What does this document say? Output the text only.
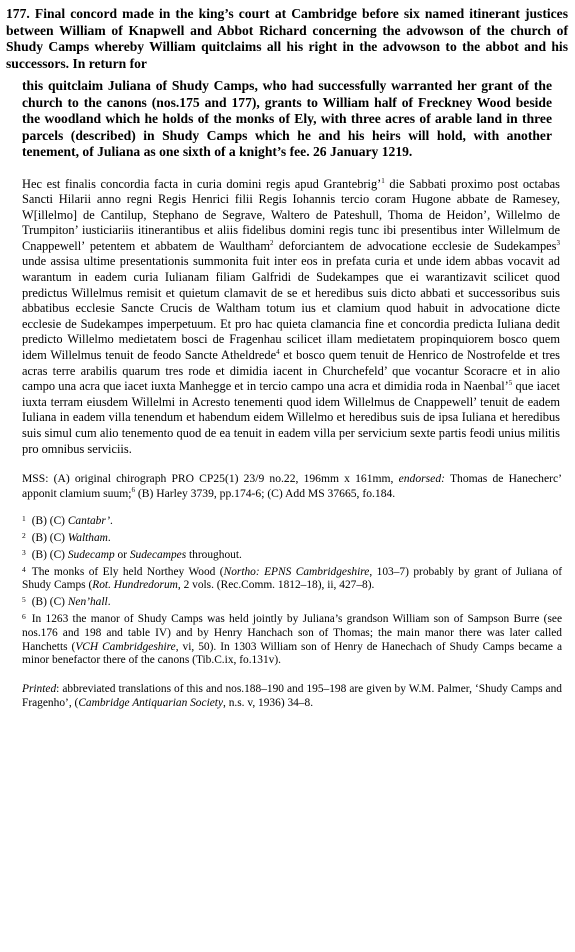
177. Final concord made in the king’s court at Cambridge before six named itinerant justices between William of Knapwell and Abbot Richard concerning the advowson of the church of Shudy Camps whereby William quitclaims all his right in the advowson to the abbot and his successors. In return for

this quitclaim Juliana of Shudy Camps, who had successfully warranted her grant of the church to the canons (nos.175 and 177), grants to William half of Freckney Wood beside the woodland which he holds of the monks of Ely, with three acres of arable land in three parcels (described) in Shudy Camps which he and his heirs will hold, with another tenement, of Juliana as one sixth of a knight’s fee. 26 January 1219.

Hec est finalis concordia facta in curia domini regis apud Grantebrig’$^1$ die Sabbati proximo post octabas Sancti Hilarii anno regni Regis Henrici filii Regis Iohannis tercio coram Hugone abbate de Ramesey, W[illelmo] de Cantilup, Stephano de Segrave, Waltero de Pateshull, Thoma de Heidon’, Willelmo de Trumpiton’ iusticiariis itinerantibus et aliis fidelibus domini regis tunc ibi presentibus inter Willelmum de Cnappewell’ petentem et abbatem de Waultham$^2$ deforciantem de advocatione ecclesie de Sudekampes$^3$ unde assisa ultime presentationis summonita fuit inter eos in prefata curia et unde idem abbas vocavit ad warantum in eadem curia Iulianam filiam Galfridi de Sudekampes que ei warantizavit scilicet quod predictus Willelmus remisit et quietum clamavit de se et heredibus suis dicto abbati et successoribus suis abbatibus ecclesie Sancte Crucis de Waltham totum ius et clamium quod habuit in advocatione dicte ecclesie de Sudekampes imperpetuum. Et pro hac quieta clamancia fine et concordia predicta Iuliana dedit predicto Willelmo medietatem bosci de Fragenhau scilicet illam medietatem propinquiorem bosco quem idem Willelmus tenuit de feodo Sancte Atheldrede$^4$ et bosco quem tenuit de Henrico de Nostrofelde et tres acras terre arabilis quarum tres rode et dimidia iacent in Churchefeld’ que vocantur Scoracre et in alio campo una acra que iacet iuxta Manhegge et in tercio campo una acra et dimidia roda in Naenbal’$^5$ que iacet iuxta terram eiusdem Willelmi in Acresto tenementi quod idem Willelmus de Cnappewell’ tenuit de eadem Iuliana in eadem villa tenendum et habendum eidem Willelmo et heredibus suis de ipsa Iuliana et heredibus suis simul cum alio tenemento quod de ea tenuit in eadem villa per servicium sexte partis feodi unius militis pro omnibus serviciis.

MSS: (A) original chirograph PRO CP25(1) 23/9 no.22, 196mm x 161mm, endorsed: Thomas de Hanecherc’ apponit clamium suum;$^6$ (B) Harley 3739, pp.174-6; (C) Add MS 37665, fo.184.

$^1$ (B) (C) Cantabr’.
$^2$ (B) (C) Waltham.
$^3$ (B) (C) Sudecamp or Sudecampes throughout.
$^4$ The monks of Ely held Northey Wood (Northo: EPNS Cambridgeshire, 103–7) probably by grant of Juliana of Shudy Camps (Rot. Hundredorum, 2 vols. (Rec.Comm. 1812–18), ii, 427–8).
$^5$ (B) (C) Nen’hall.
$^6$ In 1263 the manor of Shudy Camps was held jointly by Juliana’s grandson William son of Sampson Burre (see nos.176 and 198 and table IV) and by Henry Hanchach son of Thomas; the main manor there was later called Hanchetts (VCH Cambridgeshire, vi, 50). In 1303 William son of Henry de Hanechach of Shudy Camps became a minor benefactor there of the canons (Tib.C.ix, fo.131v).

Printed: abbreviated translations of this and nos.188–190 and 195–198 are given by W.M. Palmer, ‘Shudy Camps and Fragenho’, (Cambridge Antiquarian Society, n.s. v, 1936) 34–8.
